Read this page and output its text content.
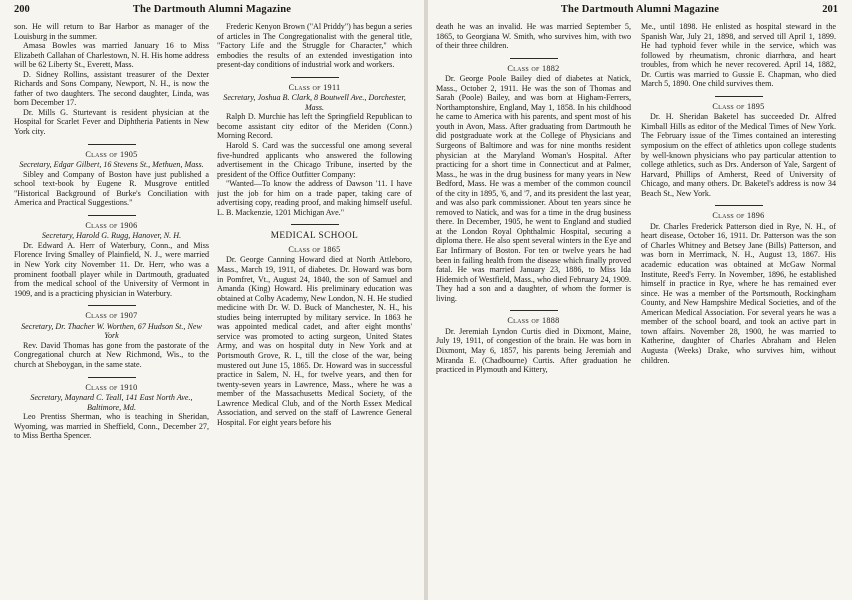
200	The Dartmouth Alumni Magazine

son. He will return to Bar Harbor as manager of the Louisburg in the summer.

Amasa Bowles was married January 16 to Miss Elizabeth Callahan of Charlestown, N. H. His home address will be 62 Liberty St., Everett, Mass.

D. Sidney Rollins, assistant treasurer of the Dexter Richards and Sons Company, Newport, N. H., is now the father of two daughters. The second daughter, Linda, was born December 17.

Dr. Mills G. Sturtevant is resident physician at the Hospital for Scarlet Fever and Diphtheria Patients in New York city.

Class of 1905
Secretary, Edgar Gilbert, 16 Stevens St., Methuen, Mass.

Sibley and Company of Boston have just published a school text-book by Eugene R. Musgrove entitled "Historical Background of Burke's Conciliation with America and Practical Suggestions."

Class of 1906
Secretary, Harold G. Rugg, Hanover, N. H.

Dr. Edward A. Herr of Waterbury, Conn., and Miss Florence Irving Smalley of Plainfield, N. J., were married in New York city November 11. Dr. Herr, who was a prominent football player while in Dartmouth, graduated from the medical school of the University of Vermont in 1909, and is a practicing physician in Waterbury.

Class of 1907
Secretary, Dr. Thacher W. Worthen, 67 Hudson St., New York

Rev. David Thomas has gone from the pastorate of the Congregational church at New Richmond, Wis., to the church at Sheboygan, in the same state.

Class of 1910
Secretary, Maynard C. Teall, 141 East North Ave., Baltimore, Md.

Leo Prentiss Sherman, who is teaching in Sheridan, Wyoming, was married in Sheffield, Conn., December 27, to Miss Bertha Spencer.

Frederic Kenyon Brown ("Al Priddy") has begun a series of articles in The Congregationalist with the general title, "Factory Life and the Struggle for Character," which embodies the results of an extended investigation into present-day conditions of industrial work and workers.

Class of 1911
Secretary, Joshua B. Clark, 8 Boutwell Ave., Dorchester, Mass.

Ralph D. Murchie has left the Springfield Republican to become assistant city editor of the Meriden (Conn.) Morning Record.

Harold S. Card was the successful one among several five-hundred applicants who answered the following advertisement in the Chicago Tribune, inserted by the president of the Office Outfitter Company:

"Wanted—To know the address of Dawson '11. I have just the job for him on a trade paper, taking care of advertising copy, reading proof, and making himself useful. L. B. Mackenzie, 1201 Michigan Ave."

MEDICAL SCHOOL
Class of 1865

Dr. George Canning Howard died at North Attleboro, Mass., March 19, 1911, of diabetes. Dr. Howard was born in Pomfret, Vt., August 24, 1840, the son of Samuel and Amanda (King) Howard. His preliminary education was obtained at Colby Academy, New London, N. H. He studied medicine with Dr. W. D. Buck of Manchester, N. H., his studies being interrupted by military service. In 1863 he was appointed medical cadet, and after eight months' service was promoted to acting surgeon, United States Army, and was on hospital duty in New York and at Portsmouth Grove, R. I., till the close of the war, being mustered out June 15, 1865. Dr. Howard was in successful practice in Salem, N. H., for twelve years, and then for twenty-seven years in Lawrence, Mass., where he was a member of the Massachusetts Medical Society, of the Lawrence Medical Club, and of the North Essex Medical Association, and served on the staff of Lawrence General Hospital. For eight years before his

The Dartmouth Alumni Magazine	201

death he was an invalid. He was married September 5, 1865, to Georgiana W. Smith, who survives him, with two of their three children.

Class of 1882

Dr. George Poole Bailey died of diabetes at Natick, Mass., October 2, 1911. He was the son of Thomas and Sarah (Poole) Bailey, and was born at Higham-Ferrers, Northamptonshire, England, May 1, 1858. In his childhood he came to America with his parents, and spent most of his youth in Avon, Mass. After graduating from Dartmouth he did postgraduate work at the College of Physicians and Surgeons of Baltimore and was for nine months resident physician at the Maryland Woman's Hospital. After practicing for a short time in Connecticut and at Palmer, Mass., he was in the drug business for many years in New Bedford, Mass. He was a member of the common council of the city in 1895, '6, and '7, and its president the last year, and was also park commissioner. About ten years since he removed to Natick, and was for a time in the drug business there. In December, 1905, he went to England and studied at the London Royal Ophthalmic Hospital, securing a diploma there. He also spent several winters in the Eye and Ear Infirmary of Boston. For ten or twelve years he had been in failing health from the disease which finally proved fatal. He was married January 23, 1886, to Miss Ida Hidemich of Westfield, Mass., who died February 24, 1909. They had a son and a daughter, of whom the former is living.

Class of 1888

Dr. Jeremiah Lyndon Curtis died in Dixmont, Maine, July 19, 1911, of congestion of the brain. He was born in Dixmont, May 6, 1857, his parents being Jeremiah and Miranda E. (Chadbourne) Curtis. After graduation he practiced in Plymouth and Kittery,

Me., until 1898. He enlisted as hospital steward in the Spanish War, July 21, 1898, and served till April 1, 1899. He had typhoid fever while in the service, which was followed by rheumatism, chronic diarrhœa, and heart troubles, from which he never recovered. April 14, 1882, Dr. Curtis was married to Gussie E. Chapman, who died March 5, 1890. One child survives them.

Class of 1895

Dr. H. Sheridan Baketel has succeeded Dr. Alfred Kimball Hills as editor of the Medical Times of New York. The February issue of the Times contained an interesting symposium on the effect of athletics upon college students by well-known physicians who pay particular attention to college athletics, such as Drs. Anderson of Yale, Sargent of Harvard, Phillips of Amherst, Reed of University of Chicago, and many others. Dr. Baketel's address is now 34 Beach St., New York.

Class of 1896

Dr. Charles Frederick Patterson died in Rye, N. H., of heart disease, October 16, 1911. Dr. Patterson was the son of Charles Whitney and Betsey Jane (Bills) Patterson, and was born in Merrimack, N. H., August 13, 1867. His academic education was obtained at McGaw Normal Institute, Reed's Ferry. In November, 1896, he established himself in practice in Rye, where he has remained ever since. He was a member of the Portsmouth, Rockingham County, and New Hampshire Medical Societies, and of the American Medical Association. For several years he was a member of the school board, and took an active part in town affairs. November 28, 1900, he was married to Katherine, daughter of Charles Abraham and Helen Augusta (Weeks) Drake, who survives him, without children.
